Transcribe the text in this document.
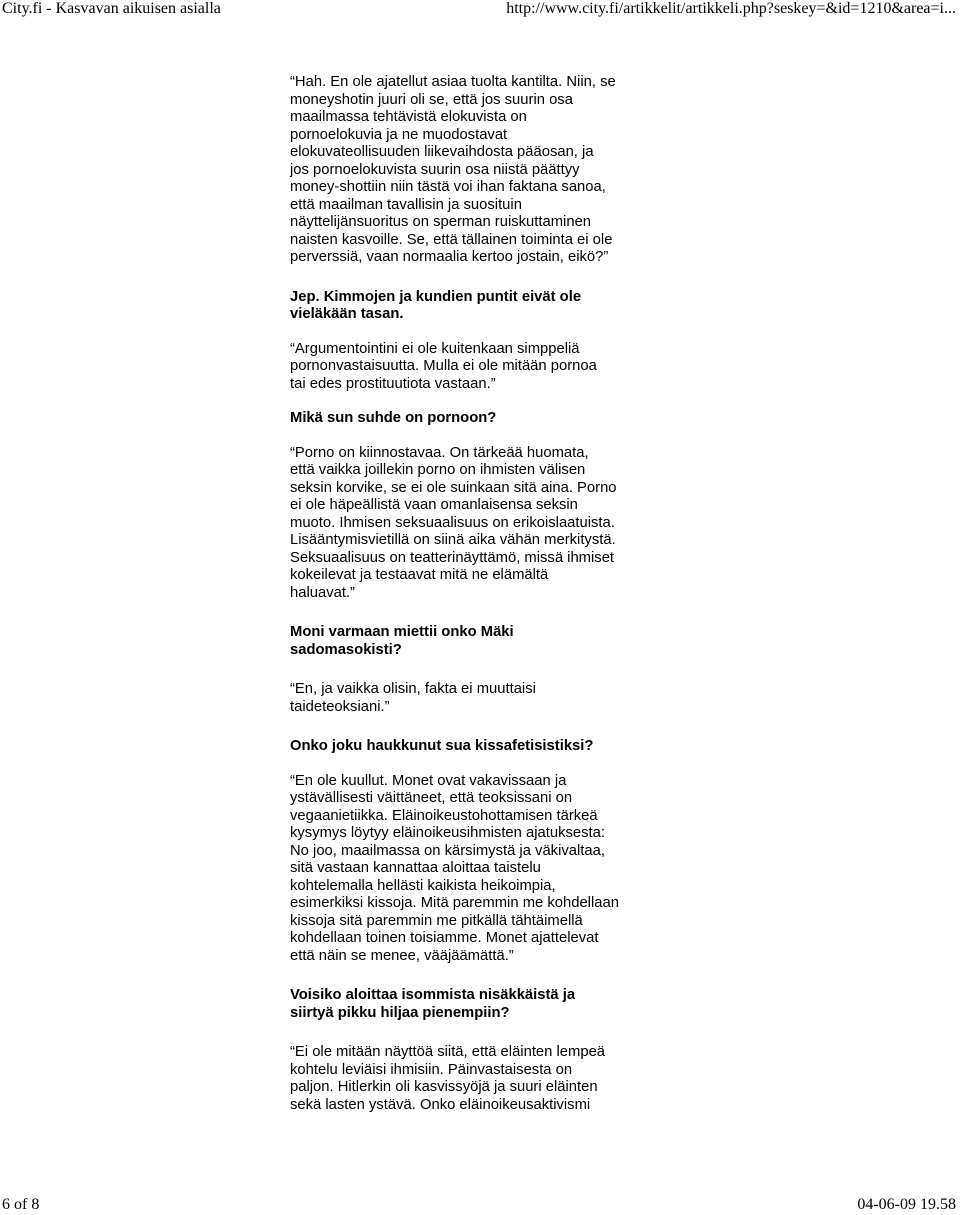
City.fi - Kasvavan aikuisen asialla	http://www.city.fi/artikkelit/artikkeli.php?seskey=&id=1210&area=i...

“Hah. En ole ajatellut asiaa tuolta kantilta. Niin, se
moneyshotin juuri oli se, että jos suurin osa
maailmassa tehtävistä elokuvista on
pornoelokuvia ja ne muodostavat
elokuvateollisuuden liikevaihdosta pääosan, ja
jos pornoelokuvista suurin osa niistä päättyy
money-shottiin niin tästä voi ihan faktana sanoa,
että maailman tavallisin ja suosituin
näyttelijänsuoritus on sperman ruiskuttaminen
naisten kasvoille. Se, että tällainen toiminta ei ole
perverssiä, vaan normaalia kertoo jostain, eikö?”

Jep. Kimmojen ja kundien puntit eivät ole
vieläkään tasan.

“Argumentointini ei ole kuitenkaan simppeliä
pornonvastaisuutta. Mulla ei ole mitään pornoa
tai edes prostituutiota vastaan.”

Mikä sun suhde on pornoon?

“Porno on kiinnostavaa. On tärkeää huomata,
että vaikka joillekin porno on ihmisten välisen
seksin korvike, se ei ole suinkaan sitä aina. Porno
ei ole häpeällistä vaan omanlaisensa seksin
muoto. Ihmisen seksuaalisuus on erikoislaatuista.
Lisääntymisvietillä on siinä aika vähän merkitystä.
Seksuaalisuus on teatterinäyttämö, missä ihmiset
kokeilevat ja testaavat mitä ne elämältä
haluavat.”

Moni varmaan miettii onko Mäki
sadomasokisti?

“En, ja vaikka olisin, fakta ei muuttaisi
taideteoksiani.”

Onko joku haukkunut sua kissafetisistiksi?

“En ole kuullut. Monet ovat vakavissaan ja
ystävällisesti väittäneet, että teoksissani on
vegaanietiikka. Eläinoikeustohottamisen tärkeä
kysymys löytyy eläinoikeusihmisten ajatuksesta:
No joo, maailmassa on kärsimystä ja väkivaltaa,
sitä vastaan kannattaa aloittaa taistelu
kohtelemalla hellästi kaikista heikoimpia,
esimerkiksi kissoja. Mitä paremmin me kohdellaan
kissoja sitä paremmin me pitkällä tähtäimellä
kohdellaan toinen toisiamme. Monet ajattelevat
että näin se menee, vääjäämättä.”

Voisiko aloittaa isommista nisäkkäistä ja
siirtyä pikku hiljaa pienempiin?

“Ei ole mitään näyttöä siitä, että eläinten lempeä
kohtelu leviäisi ihmisiin. Päinvastaisesta on
paljon. Hitlerkin oli kasvissyöjä ja suuri eläinten
sekä lasten ystävä. Onko eläinoikeusaktivismi

6 of 8	04-06-09 19.58
